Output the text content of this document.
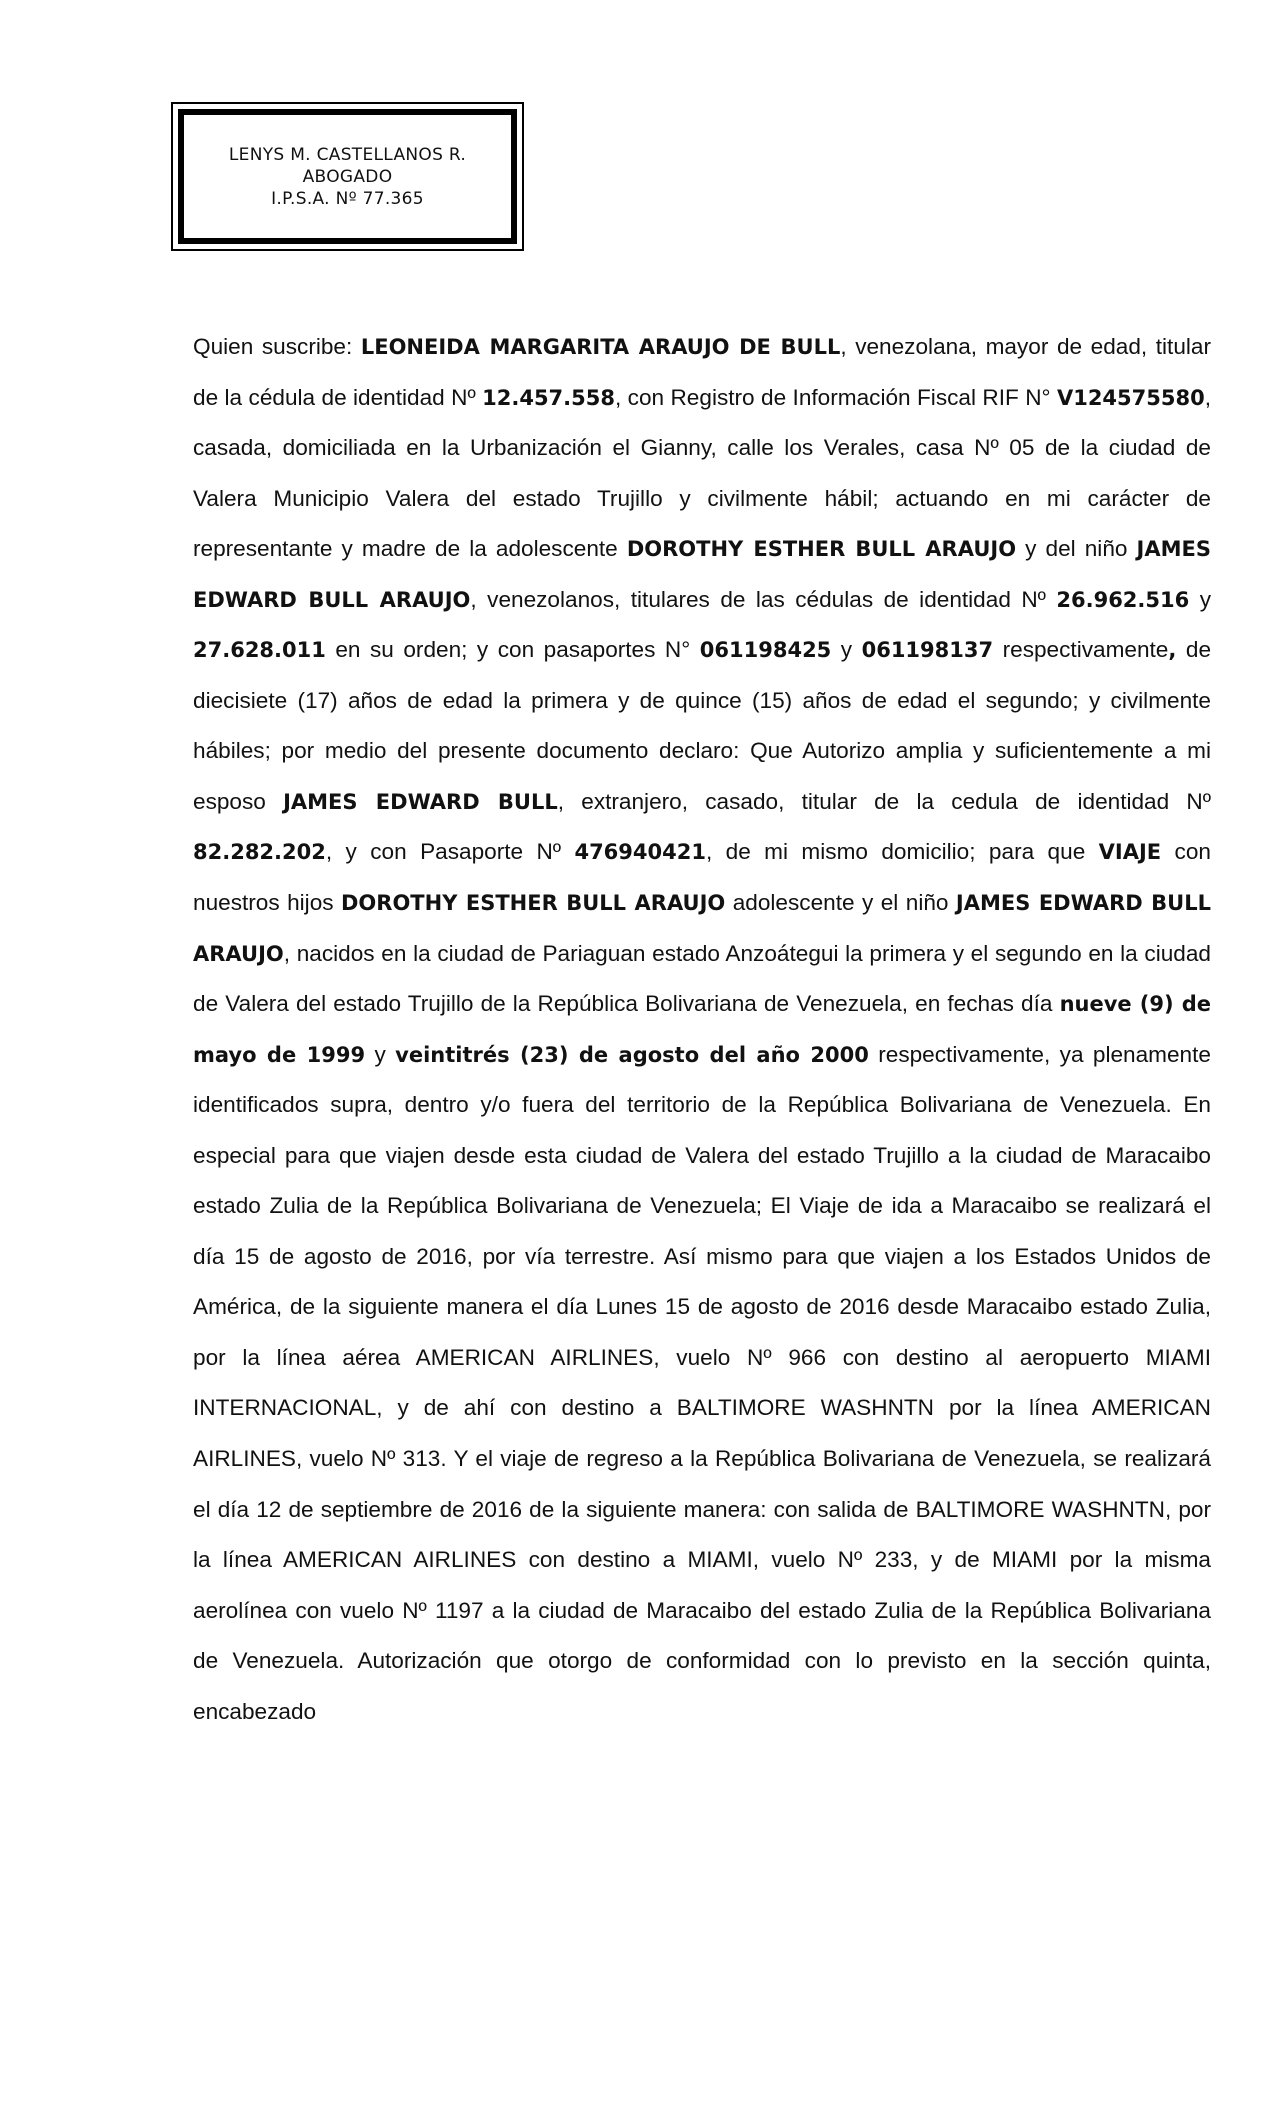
LENYS M. CASTELLANOS R.
ABOGADO
I.P.S.A. Nº 77.365

Quien suscribe: LEONEIDA MARGARITA ARAUJO DE BULL, venezolana, mayor de edad, titular de la cédula de identidad Nº 12.457.558, con Registro de Información Fiscal RIF N° V124575580, casada, domiciliada en la Urbanización el Gianny, calle los Verales, casa Nº 05 de la ciudad de Valera Municipio Valera del estado Trujillo y civilmente hábil; actuando en mi carácter de representante y madre de la adolescente DOROTHY ESTHER BULL ARAUJO y del niño JAMES EDWARD BULL ARAUJO, venezolanos, titulares de las cédulas de identidad Nº 26.962.516 y 27.628.011 en su orden; y con pasaportes N° 061198425 y 061198137 respectivamente, de diecisiete (17) años de edad la primera y de quince (15) años de edad el segundo; y civilmente hábiles; por medio del presente documento declaro: Que Autorizo amplia y suficientemente a mi esposo JAMES EDWARD BULL, extranjero, casado, titular de la cedula de identidad Nº 82.282.202, y con Pasaporte Nº 476940421, de mi mismo domicilio; para que VIAJE con nuestros hijos DOROTHY ESTHER BULL ARAUJO adolescente y el niño JAMES EDWARD BULL ARAUJO, nacidos en la ciudad de Pariaguan estado Anzoátegui la primera y el segundo en la ciudad de Valera del estado Trujillo de la República Bolivariana de Venezuela, en fechas día nueve (9) de mayo de 1999 y veintitrés (23) de agosto del año 2000 respectivamente, ya plenamente identificados supra, dentro y/o fuera del territorio de la República Bolivariana de Venezuela. En especial para que viajen desde esta ciudad de Valera del estado Trujillo a la ciudad de Maracaibo estado Zulia de la República Bolivariana de Venezuela; El Viaje de ida a Maracaibo se realizará el día 15 de agosto de 2016, por vía terrestre. Así mismo para que viajen a los Estados Unidos de América, de la siguiente manera el día Lunes 15 de agosto de 2016 desde Maracaibo estado Zulia, por la línea aérea AMERICAN AIRLINES, vuelo Nº 966 con destino al aeropuerto MIAMI INTERNACIONAL, y de ahí con destino a BALTIMORE WASHNTN por la línea AMERICAN AIRLINES, vuelo Nº 313. Y el viaje de regreso a la República Bolivariana de Venezuela, se realizará el día 12 de septiembre de 2016 de la siguiente manera: con salida de BALTIMORE WASHNTN, por la línea AMERICAN AIRLINES con destino a MIAMI, vuelo Nº 233, y de MIAMI por la misma aerolínea con vuelo Nº 1197 a la ciudad de Maracaibo del estado Zulia de la República Bolivariana de Venezuela. Autorización que otorgo de conformidad con lo previsto en la sección quinta, encabezado
